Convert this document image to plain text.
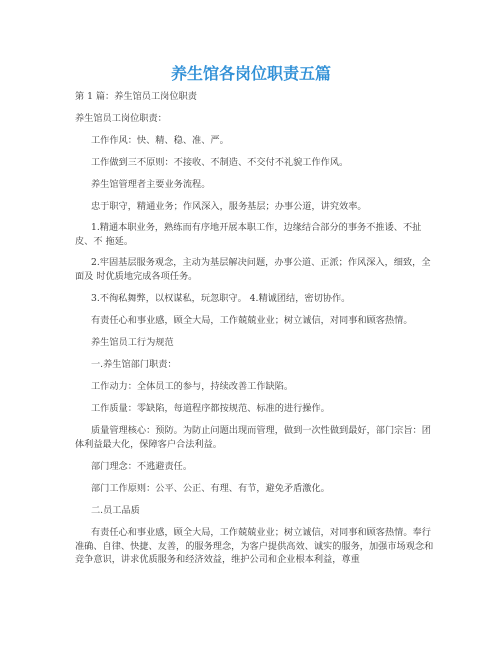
养生馆各岗位职责五篇
第 1 篇：养生馆员工岗位职责
养生馆员工岗位职责：
工作作风：快、精、稳、准、严。
工作做到三不原则：不接收、不制造、不交付不礼貌工作作风。
养生馆管理者主要业务流程。
忠于职守，精通业务；作风深入，服务基层；办事公道，讲究效率。
1.精通本职业务，熟练而有序地开展本职工作，边缘结合部分的事务不推诿、不扯皮、不 拖延。
2.牢固基层服务观念，主动为基层解决问题，办事公道、正派；作风深入，细致，全面及 时优质地完成各项任务。
3.不徇私舞弊，以权谋私，玩忽职守。 4.精诚团结，密切协作。
有责任心和事业感，顾全大局，工作兢兢业业；树立诚信，对同事和顾客热情。
养生馆员工行为规范
一.养生馆部门职责：
工作动力：全体员工的参与，持续改善工作缺陷。
工作质量：零缺陷，每道程序都按规范、标准的进行操作。
质量管理核心：预防。为防止问题出现而管理，做到一次性做到最好，部门宗旨：团体利益最大化，保障客户合法利益。
部门理念：不逃避责任。
部门工作原则：公平、公正、有理、有节，避免矛盾激化。
二.员工品质
有责任心和事业感，顾全大局，工作兢兢业业；树立诚信，对同事和顾客热情。奉行准确、自律、快捷、友善，的服务理念，为客户提供高效、诚实的服务，加强市场观念和竞争意识，讲求优质服务和经济效益，维护公司和企业根本利益，尊重
